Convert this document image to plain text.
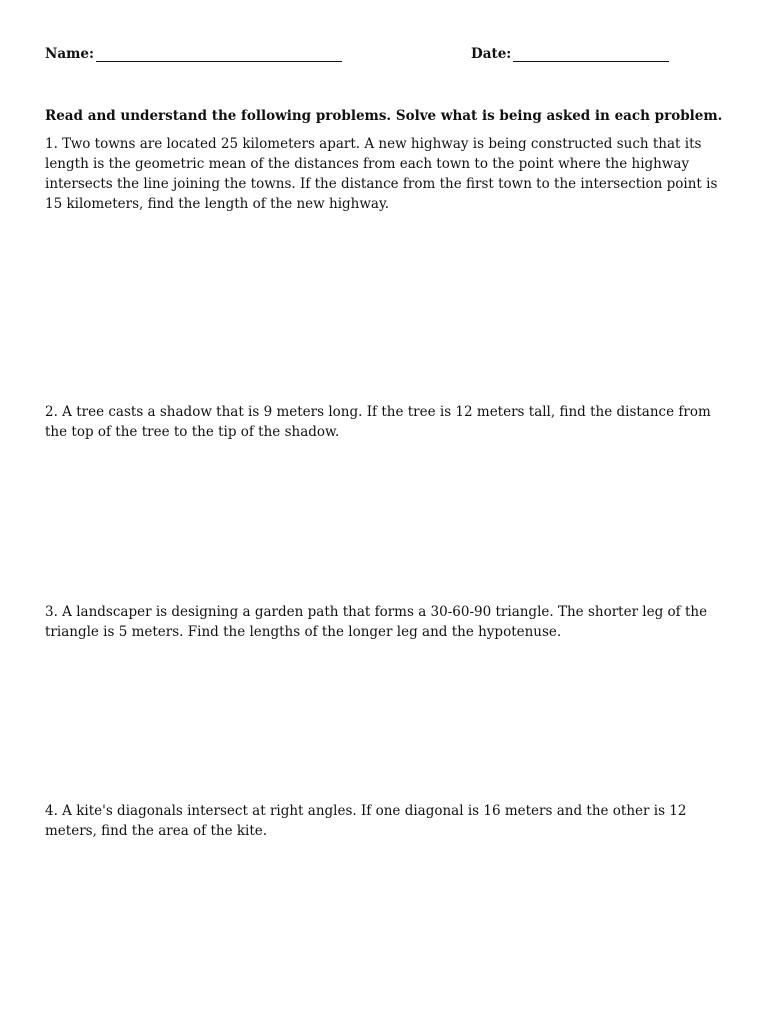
Name:	Date:
Read and understand the following problems. Solve what is being asked in each problem.

1. Two towns are located 25 kilometers apart. A new highway is being constructed such that its length is the geometric mean of the distances from each town to the point where the highway intersects the line joining the towns. If the distance from the first town to the intersection point is 15 kilometers, find the length of the new highway.

2. A tree casts a shadow that is 9 meters long. If the tree is 12 meters tall, find the distance from the top of the tree to the tip of the shadow.

3. A landscaper is designing a garden path that forms a 30-60-90 triangle. The shorter leg of the triangle is 5 meters. Find the lengths of the longer leg and the hypotenuse.

4. A kite's diagonals intersect at right angles. If one diagonal is 16 meters and the other is 12 meters, find the area of the kite.
